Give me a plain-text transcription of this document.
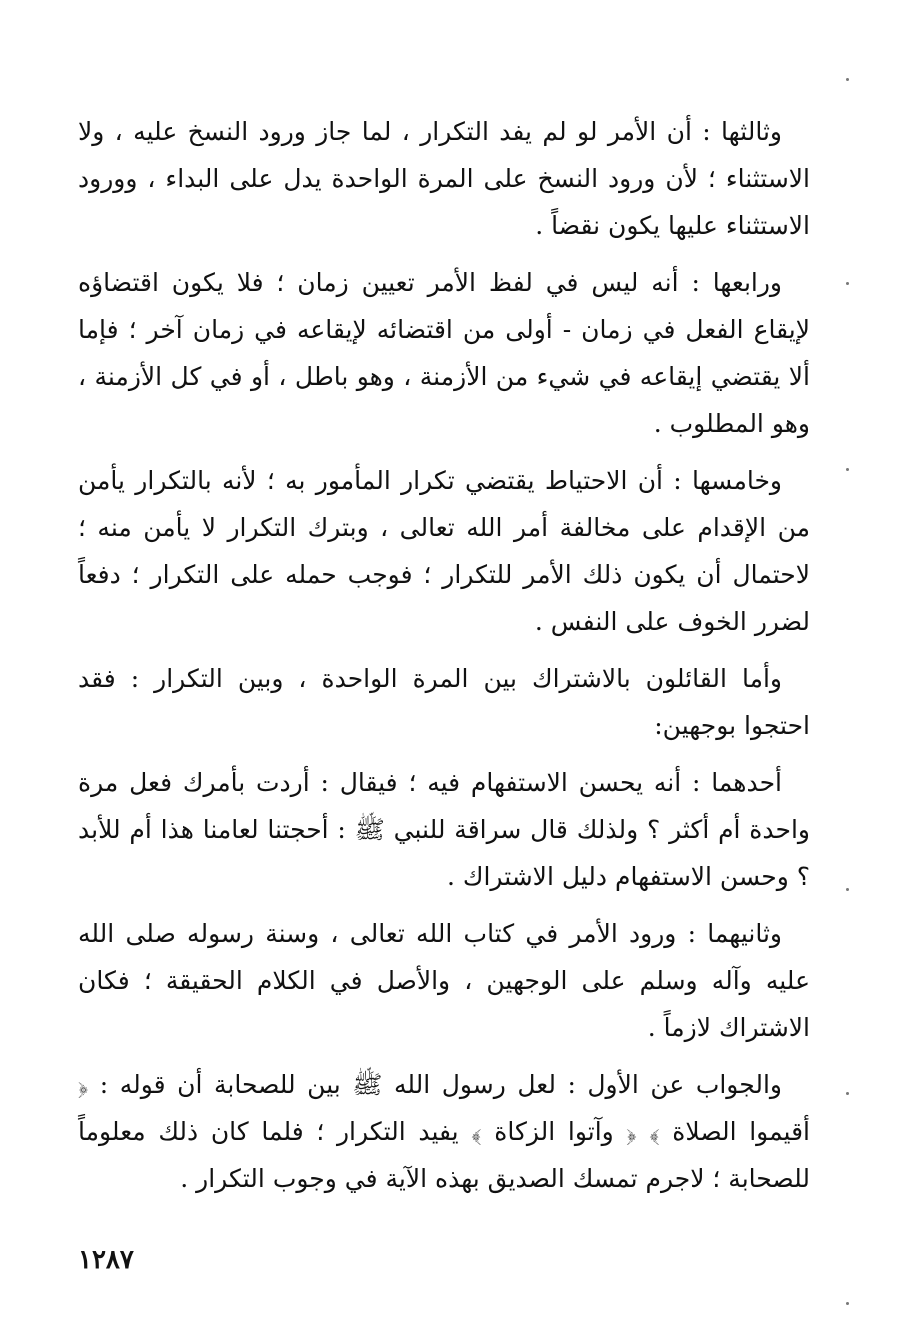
وثالثها : أن الأمر لو لم يفد التكرار ، لما جاز ورود النسخ عليه ، ولا الاستثناء ؛ لأن ورود النسخ على المرة الواحدة يدل على البداء ، وورود الاستثناء عليها يكون نقضاً .

ورابعها : أنه ليس في لفظ الأمر تعيين زمان ؛ فلا يكون اقتضاؤه لإيقاع الفعل في زمان - أولى من اقتضائه لإيقاعه في زمان آخر ؛ فإما ألا يقتضي إيقاعه في شيء من الأزمنة ، وهو باطل ، أو في كل الأزمنة ، وهو المطلوب .

وخامسها : أن الاحتياط يقتضي تكرار المأمور به ؛ لأنه بالتكرار يأمن من الإقدام على مخالفة أمر الله تعالى ، وبترك التكرار لا يأمن منه ؛ لاحتمال أن يكون ذلك الأمر للتكرار ؛ فوجب حمله على التكرار ؛ دفعاً لضرر الخوف على النفس .

وأما القائلون بالاشتراك بين المرة الواحدة ، وبين التكرار : فقد احتجوا بوجهين:

أحدهما : أنه يحسن الاستفهام فيه ؛ فيقال : أردت بأمرك فعل مرة واحدة أم أكثر ؟ ولذلك قال سراقة للنبي ﷺ : أحجتنا لعامنا هذا أم للأبد ؟ وحسن الاستفهام دليل الاشتراك .

وثانيهما : ورود الأمر في كتاب الله تعالى ، وسنة رسوله صلى الله عليه وآله وسلم على الوجهين ، والأصل في الكلام الحقيقة ؛ فكان الاشتراك لازماً .

والجواب عن الأول : لعل رسول الله ﷺ بين للصحابة أن قوله : ﴿ أقيموا الصلاة ﴾ ﴿ وآتوا الزكاة ﴾ يفيد التكرار ؛ فلما كان ذلك معلوماً للصحابة ؛ لاجرم تمسك الصديق بهذه الآية في وجوب التكرار .

١٢٨٧
